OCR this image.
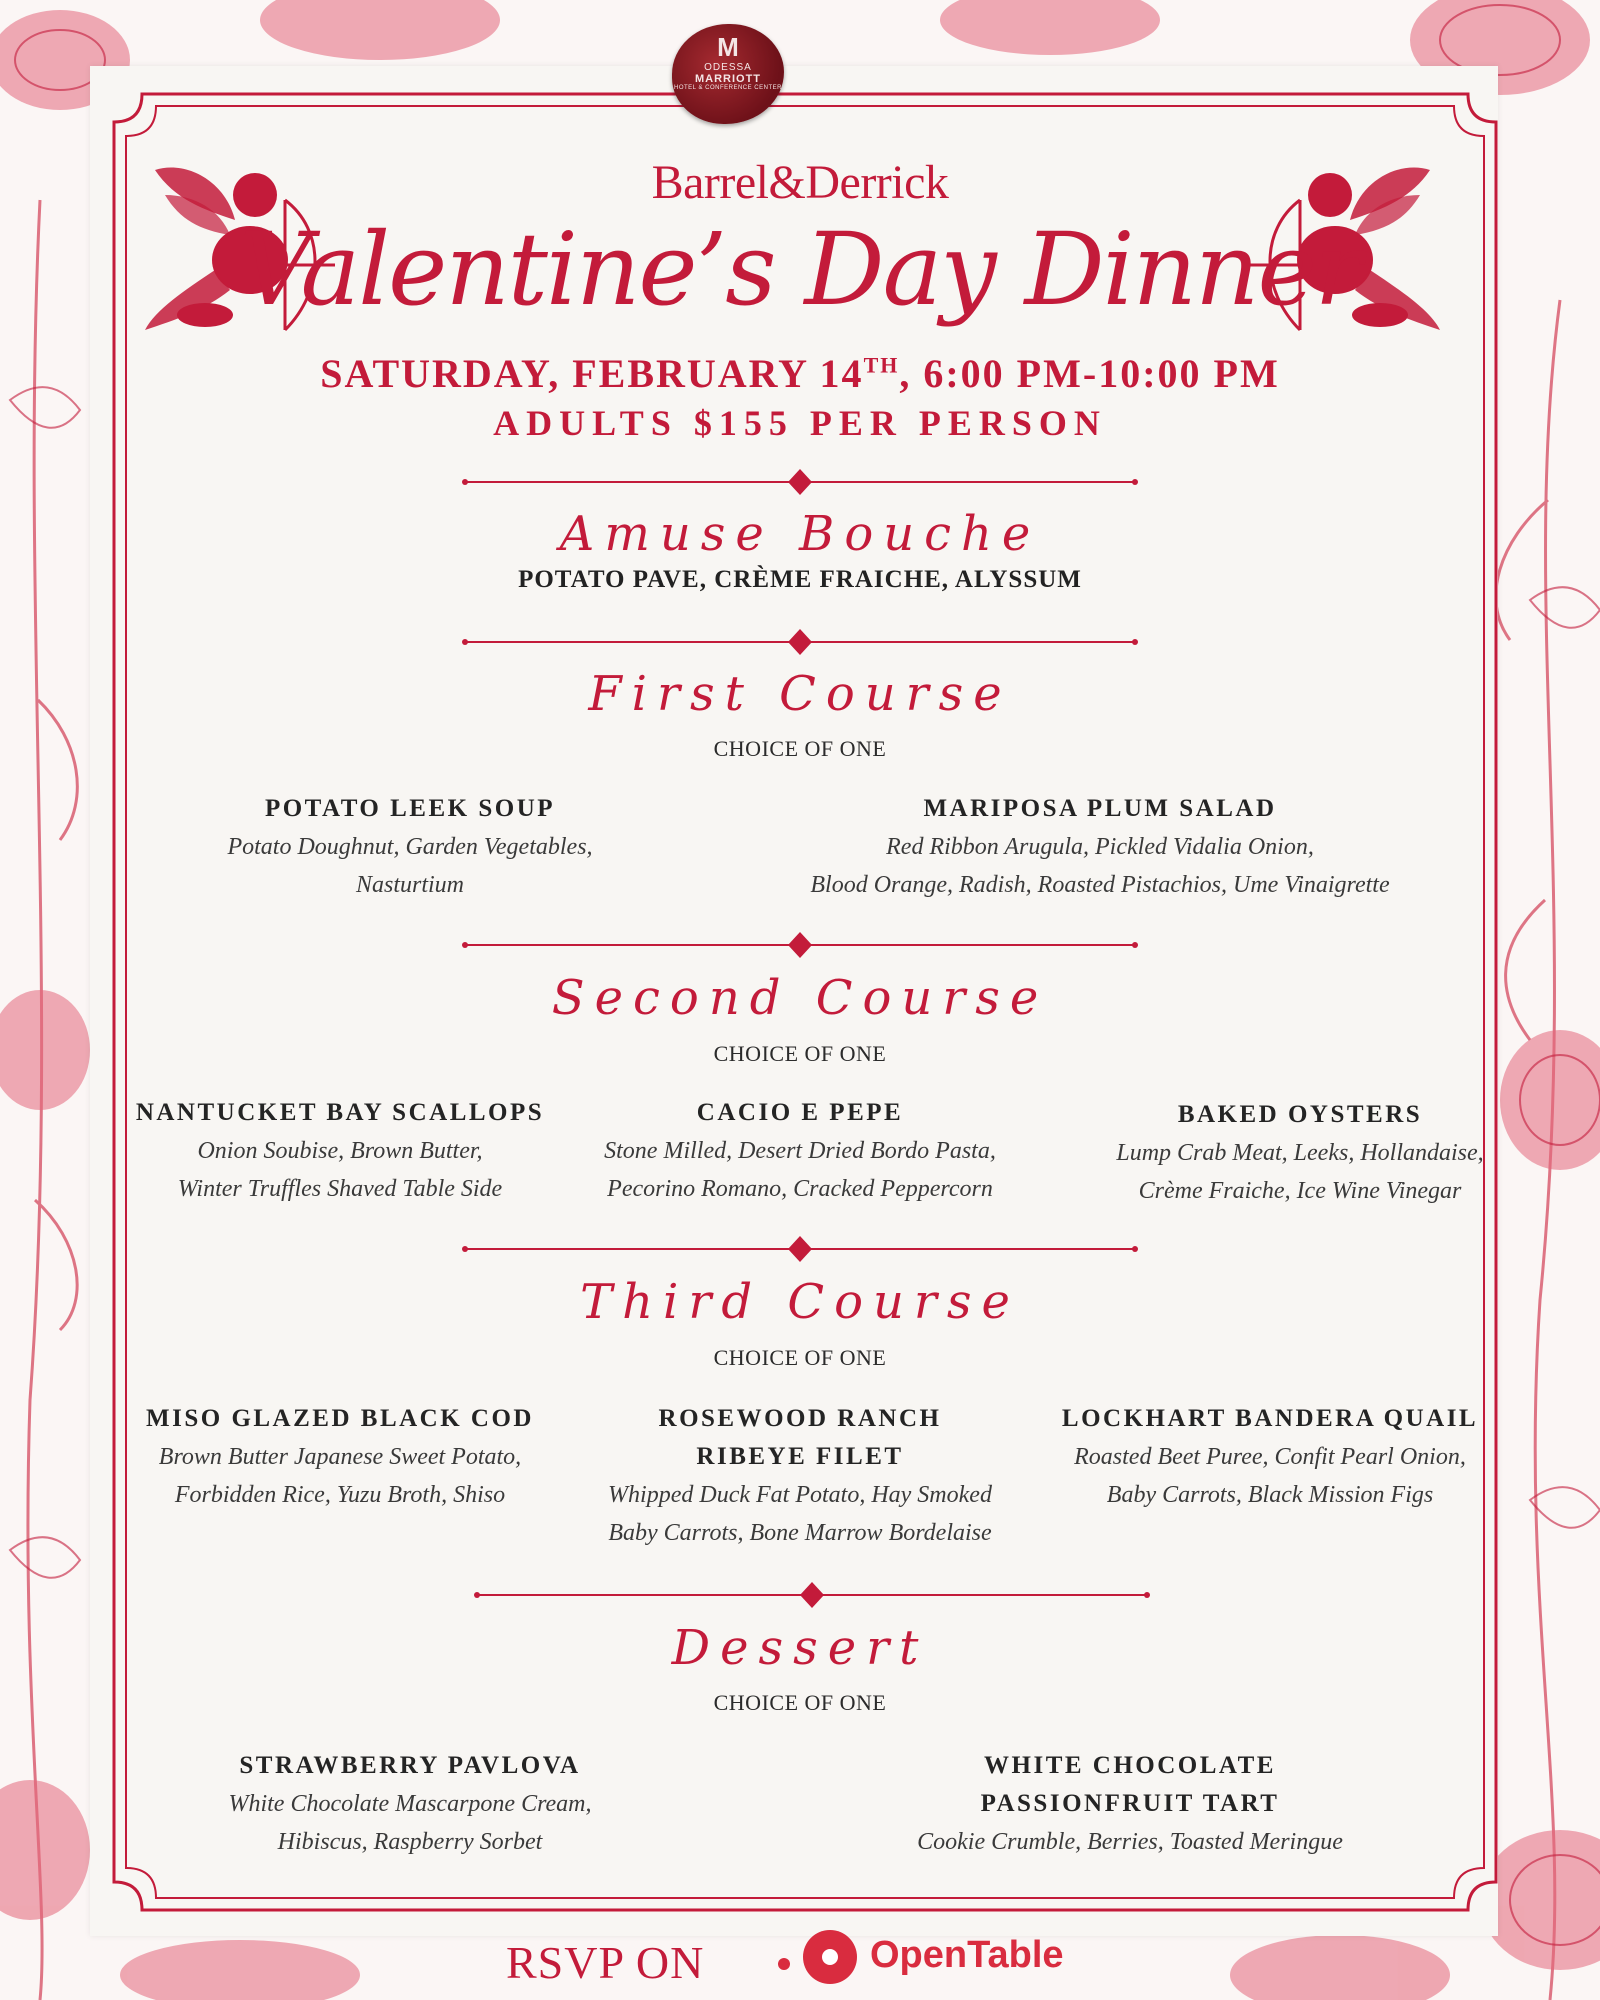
M
ODESSA
MARRIOTT
HOTEL & CONFERENCE CENTER
Barrel&Derrick
Valentine’s Day Dinner
SATURDAY, FEBRUARY 14TH, 6:00 PM-10:00 PM
ADULTS $155 PER PERSON
Amuse Bouche
POTATO PAVE, CRÈME FRAICHE, ALYSSUM
First Course
CHOICE OF ONE
POTATO LEEK SOUP
Potato Doughnut, Garden Vegetables,
Nasturtium
MARIPOSA PLUM SALAD
Red Ribbon Arugula, Pickled Vidalia Onion,
Blood Orange, Radish, Roasted Pistachios, Ume Vinaigrette
Second Course
CHOICE OF ONE
NANTUCKET BAY SCALLOPS
Onion Soubise, Brown Butter,
Winter Truffles Shaved Table Side
CACIO E PEPE
Stone Milled, Desert Dried Bordo Pasta,
Pecorino Romano, Cracked Peppercorn
BAKED OYSTERS
Lump Crab Meat, Leeks, Hollandaise,
Crème Fraiche, Ice Wine Vinegar
Third Course
CHOICE OF ONE
MISO GLAZED BLACK COD
Brown Butter Japanese Sweet Potato,
Forbidden Rice, Yuzu Broth, Shiso
ROSEWOOD RANCH
RIBEYE FILET
Whipped Duck Fat Potato, Hay Smoked
Baby Carrots, Bone Marrow Bordelaise
LOCKHART BANDERA QUAIL
Roasted Beet Puree, Confit Pearl Onion,
Baby Carrots, Black Mission Figs
Dessert
CHOICE OF ONE
STRAWBERRY PAVLOVA
White Chocolate Mascarpone Cream,
Hibiscus, Raspberry Sorbet
WHITE CHOCOLATE
PASSIONFRUIT TART
Cookie Crumble, Berries, Toasted Meringue
RSVP ON	OpenTable
